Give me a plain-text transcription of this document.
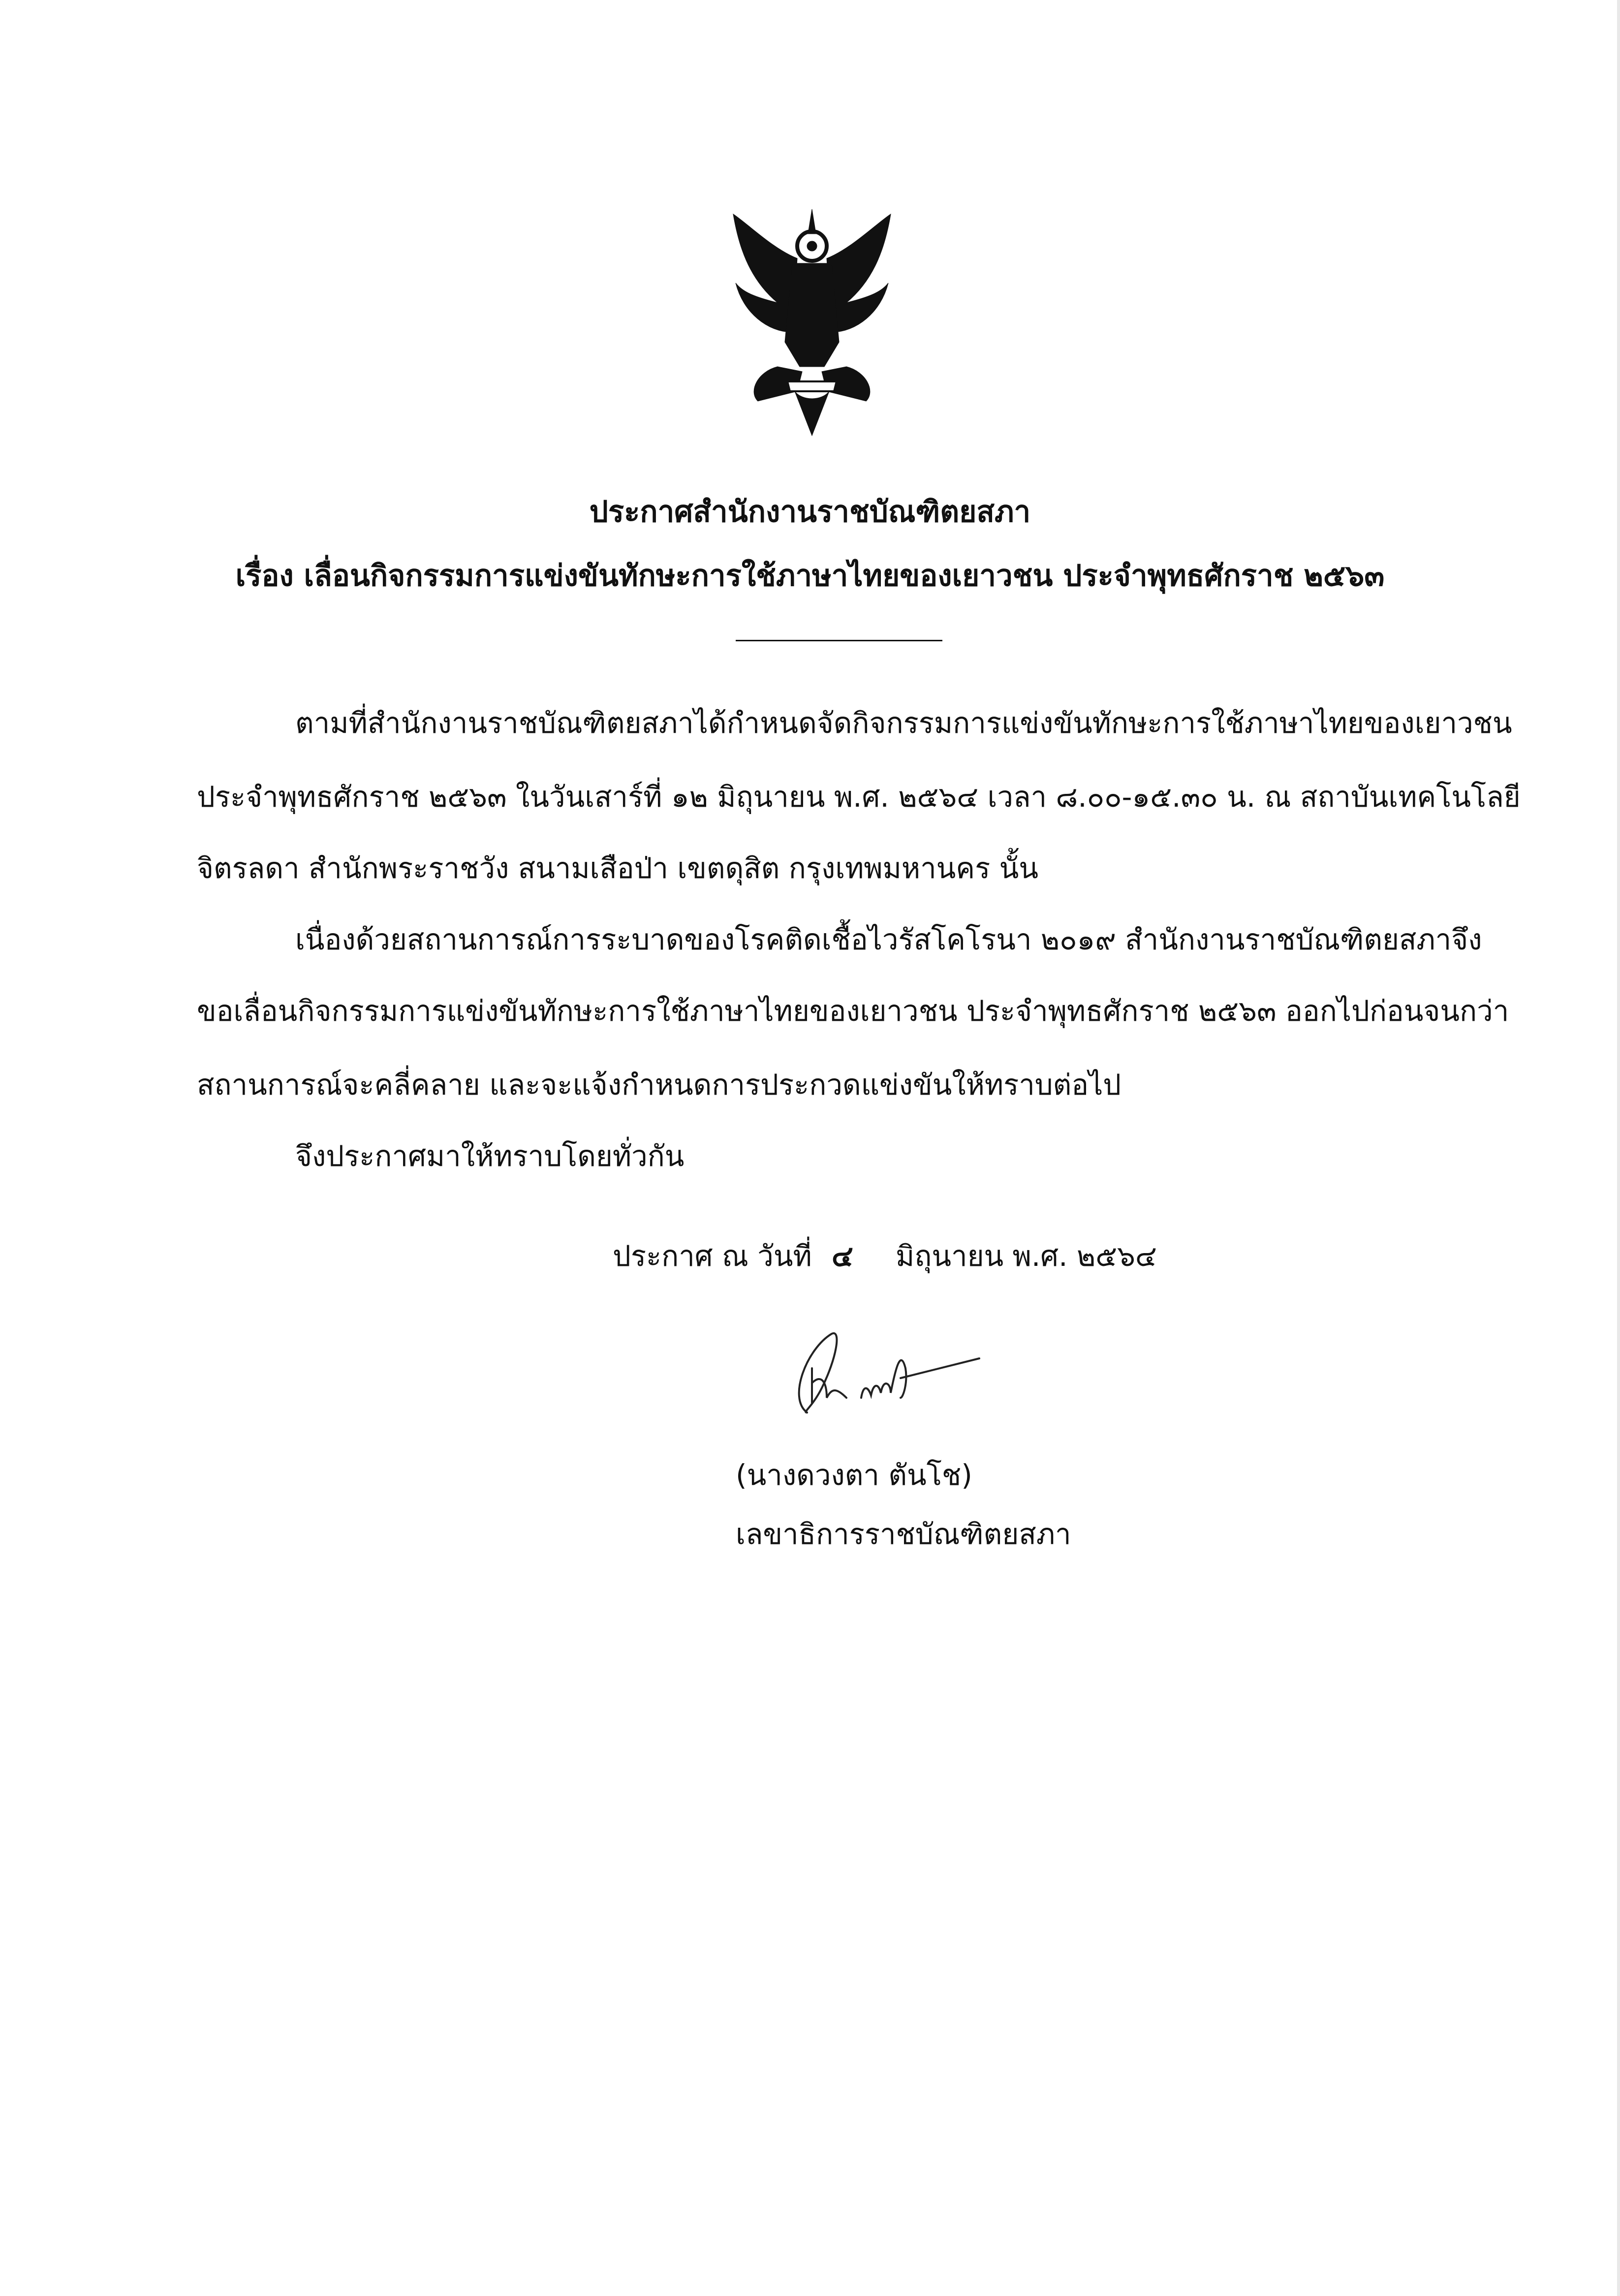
ประกาศสำนักงานราชบัณฑิตยสภา
เรื่อง เลื่อนกิจกรรมการแข่งขันทักษะการใช้ภาษาไทยของเยาวชน ประจำพุทธศักราช ๒๕๖๓
ตามที่สำนักงานราชบัณฑิตยสภาได้กำหนดจัดกิจกรรมการแข่งขันทักษะการใช้ภาษาไทยของเยาวชน
ประจำพุทธศักราช ๒๕๖๓ ในวันเสาร์ที่ ๑๒ มิถุนายน พ.ศ. ๒๕๖๔ เวลา ๘.๐๐-๑๕.๓๐ น. ณ สถาบันเทคโนโลยี
จิตรลดา สำนักพระราชวัง สนามเสือป่า เขตดุสิต กรุงเทพมหานคร นั้น
เนื่องด้วยสถานการณ์การระบาดของโรคติดเชื้อไวรัสโคโรนา ๒๐๑๙ สำนักงานราชบัณฑิตยสภาจึง
ขอเลื่อนกิจกรรมการแข่งขันทักษะการใช้ภาษาไทยของเยาวชน ประจำพุทธศักราช ๒๕๖๓ ออกไปก่อนจนกว่า
สถานการณ์จะคลี่คลาย และจะแจ้งกำหนดการประกวดแข่งขันให้ทราบต่อไป
จึงประกาศมาให้ทราบโดยทั่วกัน
ประกาศ ณ วันที่ ๔ มิถุนายน พ.ศ. ๒๕๖๔
(นางดวงตา ตันโช)
เลขาธิการราชบัณฑิตยสภา
